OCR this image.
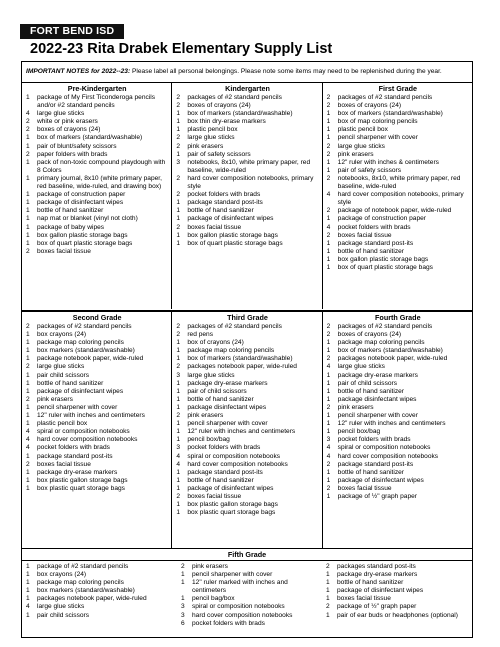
FORT BEND ISD
2022-23 Rita Drabek Elementary Supply List
IMPORTANT NOTES for 2022--23: Please label all personal belongings. Please note some items may need to be replenished during the year.
Pre-Kindergarten
1	package of My First Ticonderoga pencils and/or #2 standard pencils
4	large glue sticks
2	white or pink erasers
2	boxes of crayons (24)
1	box of markers (standard/washable)
1	pair of blunt/safety scissors
2	paper folders with brads
1	pack of non-toxic compound playdough with 8 Colors
1	primary journal, 8x10 (white primary paper, red baseline, wide-ruled, and drawing box)
1	package of construction paper
1	package of disinfectant wipes
1	bottle of hand sanitizer
1	nap mat or blanket (vinyl not cloth)
1	package of baby wipes
1	box gallon plastic storage bags
1	box of quart plastic storage bags
2	boxes facial tissue
Kindergarten
2	packages of #2 standard pencils
2	boxes of crayons (24)
1	box of markers (standard/washable)
1	box thin dry-erase markers
1	plastic pencil box
2	large glue sticks
2	pink erasers
1	pair of safety scissors
3	notebooks, 8x10, white primary paper, red baseline, wide-ruled
2	hard cover composition notebooks, primary style
2	pocket folders with brads
1	package standard post-its
1	bottle of hand sanitizer
1	package of disinfectant wipes
2	boxes facial tissue
1	box gallon plastic storage bags
1	box of quart plastic storage bags
First Grade
2	packages of #2 standard pencils
2	boxes of crayons (24)
1	box of markers (standard/washable)
1	box of map coloring pencils
1	plastic pencil box
1	pencil sharpener with cover
2	large glue sticks
2	pink erasers
1	12" ruler with inches & centimeters
1	pair of safety scissors
2	notebooks, 8x10, white primary paper, red baseline, wide-ruled
4	hard cover composition notebooks, primary style
2	package of notebook paper, wide-ruled
1	package of construction paper
4	pocket folders with brads
2	boxes facial tissue
1	package standard post-its
1	bottle of hand sanitizer
1	box gallon plastic storage bags
1	box of quart plastic storage bags
Second Grade
2	packages of #2 standard pencils
1	box crayons (24)
1	package map coloring pencils
1	box markers (standard/washable)
1	package notebook paper, wide-ruled
2	large glue sticks
1	pair child scissors
1	bottle of hand sanitizer
1	package of disinfectant wipes
2	pink erasers
1	pencil sharpener with cover
1	12" ruler with inches and centimeters
1	plastic pencil box
4	spiral or composition notebooks
4	hard cover composition notebooks
4	pocket folders with brads
1	package standard post-its
2	boxes facial tissue
1	package dry-erase markers
1	box plastic gallon storage bags
1	box plastic quart storage bags
Third Grade
2	packages of #2 standard pencils
2	red pens
1	box of crayons (24)
1	package map coloring pencils
1	box of markers (standard/washable)
2	packages notebook paper, wide-ruled
3	large glue sticks
1	package dry-erase markers
1	pair of child scissors
1	bottle of hand sanitizer
1	package disinfectant wipes
2	pink erasers
1	pencil sharpener with cover
1	12" ruler with inches and centimeters
1	pencil box/bag
3	pocket folders with brads
4	spiral or composition notebooks
4	hard cover composition notebooks
1	package standard post-its
1	bottle of hand sanitizer
1	package of disinfectant wipes
2	boxes facial tissue
1	box plastic gallon storage bags
1	box plastic quart storage bags
Fourth Grade
2	packages of #2 standard pencils
2	boxes of crayons (24)
1	package map coloring pencils
1	box of markers (standard/washable)
2	packages notebook paper, wide-ruled
4	large glue sticks
1	package dry-erase markers
1	pair of child scissors
1	bottle of hand sanitizer
1	package disinfectant wipes
2	pink erasers
1	pencil sharpener with cover
1	12" ruler with inches and centimeters
1	pencil box/bag
3	pocket folders with brads
4	spiral or composition notebooks
4	hard cover composition notebooks
2	package standard post-its
1	bottle of hand sanitizer
1	package of disinfectant wipes
2	boxes facial tissue
1	package of ½" graph paper
Fifth Grade
1	package of #2 standard pencils
1	box crayons (24)
1	package map coloring pencils
1	box markers (standard/washable)
1	packages notebook paper, wide-ruled
4	large glue sticks
1	pair child scissors
2	pink erasers
1	pencil sharpener with cover
1	12" ruler marked with inches and centimeters
1	pencil bag/box
3	spiral or composition notebooks
3	hard cover composition notebooks
6	pocket folders with brads
2	packages standard post-its
1	package dry-erase markers
1	bottle of hand sanitizer
1	package of disinfectant wipes
1	boxes facial tissue
2	package of ½" graph paper
1	pair of ear buds or headphones (optional)
